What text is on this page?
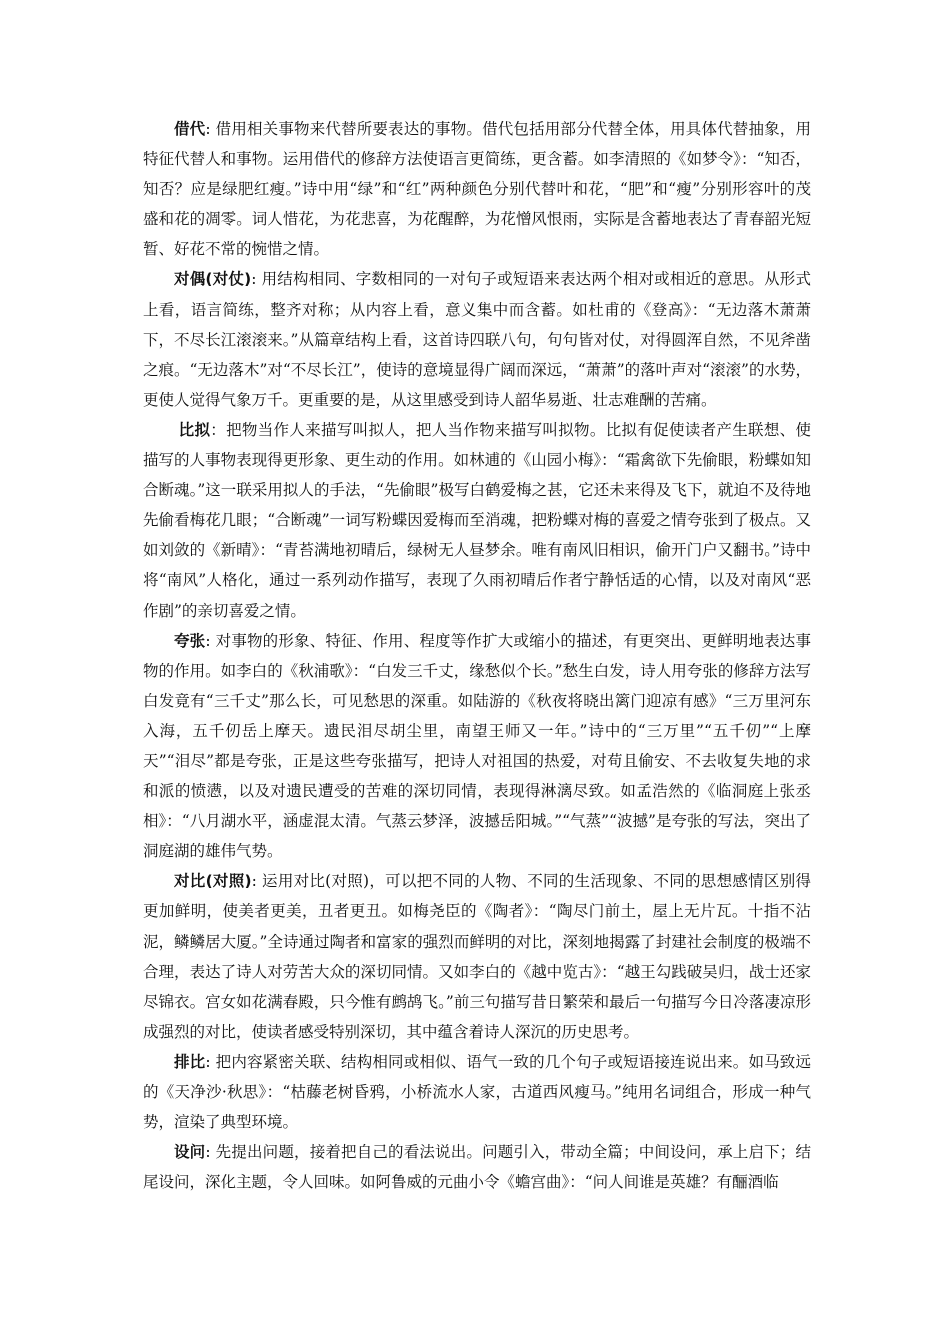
借代: 借用相关事物来代替所要表达的事物。借代包括用部分代替全体，用具体代替抽象，用特征代替人和事物。运用借代的修辞方法使语言更简练，更含蓄。如李清照的《如梦令》：“知否，知否？应是绿肥红瘦。”诗中用“绿”和“红”两种颜色分别代替叶和花，“肥”和“瘦”分别形容叶的茂盛和花的凋零。词人惜花，为花悲喜，为花醒醉，为花憎风恨雨，实际是含蓄地表达了青春韶光短暂、好花不常的惋惜之情。

对偶(对仗): 用结构相同、字数相同的一对句子或短语来表达两个相对或相近的意思。从形式上看，语言简练，整齐对称；从内容上看，意义集中而含蓄。如杜甫的《登高》：“无边落木萧萧下，不尽长江滚滚来。”从篇章结构上看，这首诗四联八句，句句皆对仗，对得圆浑自然，不见斧凿之痕。“无边落木”对“不尽长江”，使诗的意境显得广阔而深远，“萧萧”的落叶声对“滚滚”的水势，更使人觉得气象万千。更重要的是，从这里感受到诗人韶华易逝、壮志难酬的苦痛。

比拟：把物当作人来描写叫拟人，把人当作物来描写叫拟物。比拟有促使读者产生联想、使描写的人事物表现得更形象、更生动的作用。如林逋的《山园小梅》：“霜禽欲下先偷眼，粉蝶如知合断魂。”这一联采用拟人的手法，“先偷眼”极写白鹤爱梅之甚，它还未来得及飞下，就迫不及待地先偷看梅花几眼；“合断魂”一词写粉蝶因爱梅而至消魂，把粉蝶对梅的喜爱之情夸张到了极点。又如刘敛的《新晴》：“青苔满地初晴后，绿树无人昼梦余。唯有南风旧相识，偷开门户又翻书。”诗中将“南风”人格化，通过一系列动作描写，表现了久雨初晴后作者宁静恬适的心情，以及对南风“恶作剧”的亲切喜爱之情。

夸张: 对事物的形象、特征、作用、程度等作扩大或缩小的描述，有更突出、更鲜明地表达事物的作用。如李白的《秋浦歌》：“白发三千丈，缘愁似个长。”愁生白发，诗人用夸张的修辞方法写白发竟有“三千丈”那么长，可见愁思的深重。如陆游的《秋夜将晓出篱门迎凉有感》“三万里河东入海，五千仞岳上摩天。遗民泪尽胡尘里，南望王师又一年。”诗中的“三万里”“五千仞”“上摩天”“泪尽”都是夸张，正是这些夸张描写，把诗人对祖国的热爱，对苟且偷安、不去收复失地的求和派的愤懑，以及对遗民遭受的苦难的深切同情，表现得淋漓尽致。如孟浩然的《临洞庭上张丞相》：“八月湖水平，涵虚混太清。气蒸云梦泽，波撼岳阳城。”“气蒸”“波撼”是夸张的写法，突出了洞庭湖的雄伟气势。

对比(对照): 运用对比(对照)，可以把不同的人物、不同的生活现象、不同的思想感情区别得更加鲜明，使美者更美，丑者更丑。如梅尧臣的《陶者》：“陶尽门前土，屋上无片瓦。十指不沾泥，鳞鳞居大厦。”全诗通过陶者和富家的强烈而鲜明的对比，深刻地揭露了封建社会制度的极端不合理，表达了诗人对劳苦大众的深切同情。又如李白的《越中览古》：“越王勾践破吴归，战士还家尽锦衣。宫女如花满春殿，只今惟有鹧鸪飞。”前三句描写昔日繁荣和最后一句描写今日冷落凄凉形成强烈的对比，使读者感受特别深切，其中蕴含着诗人深沉的历史思考。

排比: 把内容紧密关联、结构相同或相似、语气一致的几个句子或短语接连说出来。如马致远的《天净沙·秋思》：“枯藤老树昏鸦，小桥流水人家，古道西风瘦马。”纯用名词组合，形成一种气势，渲染了典型环境。

设问: 先提出问题，接着把自己的看法说出。问题引入，带动全篇；中间设问，承上启下；结尾设问，深化主题，令人回味。如阿鲁威的元曲小令《蟾宫曲》：“问人间谁是英雄？有酾酒临
